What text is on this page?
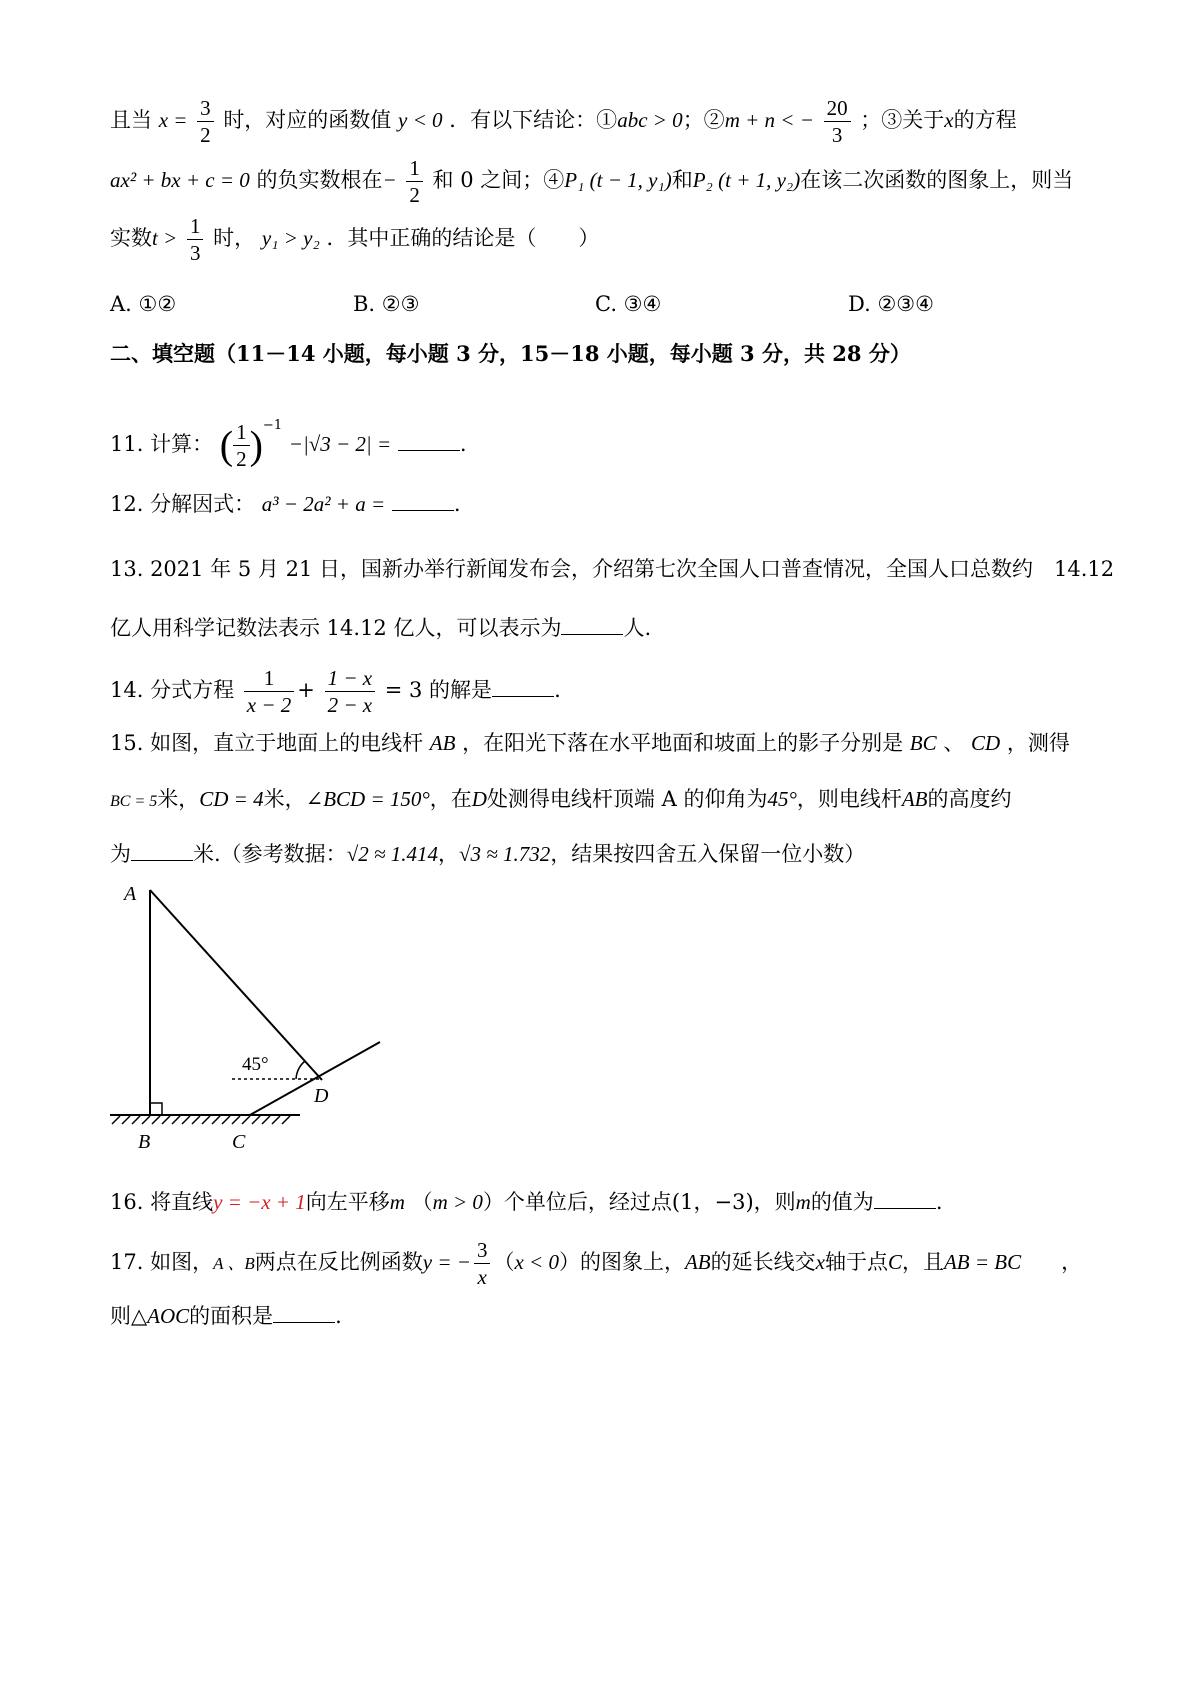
且当 $x = \frac{3}{2}$ 时，对应的函数值 y < 0 ．有以下结论：①abc > 0；②m + n < − $\frac{20}{3}$ ；③关于x的方程
ax² + bx + c = 0 的负实数根在− $\frac{1}{2}$ 和 0 之间；④P₁ (t − 1, y₁)和P₂ (t + 1, y₂)在该二次函数的图象上，则当
实数$t > \frac{1}{3}$ 时， y₁ > y₂ ．其中正确的结论是（　　）
A. ①②	B. ②③	C. ③④	D. ②③④
二、填空题（11－14 小题，每小题 3 分，15－18 小题，每小题 3 分，共 28 分）
11. 计算： ( $\frac{1}{2} )^{-1} -|√3 - 2|$ =	.
12. 分解因式： a³ − 2a² + a =	.
13. 2021 年 5 月 21 日，国新办举行新闻发布会，介绍第七次全国人口普查情况，全国人口总数约　14.12
亿人用科学记数法表示 14.12 亿人，可以表示为	人.
14. 分式方程 $\frac{1}{x - 2} + \frac{1 - x}{2 - x} = 3$ 的解是	.
15. 如图，直立于地面上的电线杆 AB ，在阳光下落在水平地面和坡面上的影子分别是 BC 、 CD ，测得
BC = 5米，CD = 4米，∠BCD = 150°，在D处测得电线杆顶端 A 的仰角为45°，则电线杆AB的高度约
为	米.（参考数据：√2 ≈ 1.414，√3 ≈ 1.732，结果按四舍五入保留一位小数）
A
B	C
D
45°
16. 将直线y = −x + 1向左平移m （m > 0）个单位后，经过点(1，−3)，则m的值为	.
17. 如图，A 、B两点在反比例函数y = − $\frac{3}{x} (x < 0)$的图象上，AB的延长线交x轴于点C，且AB = BC ，
则△AOC的面积是	.
